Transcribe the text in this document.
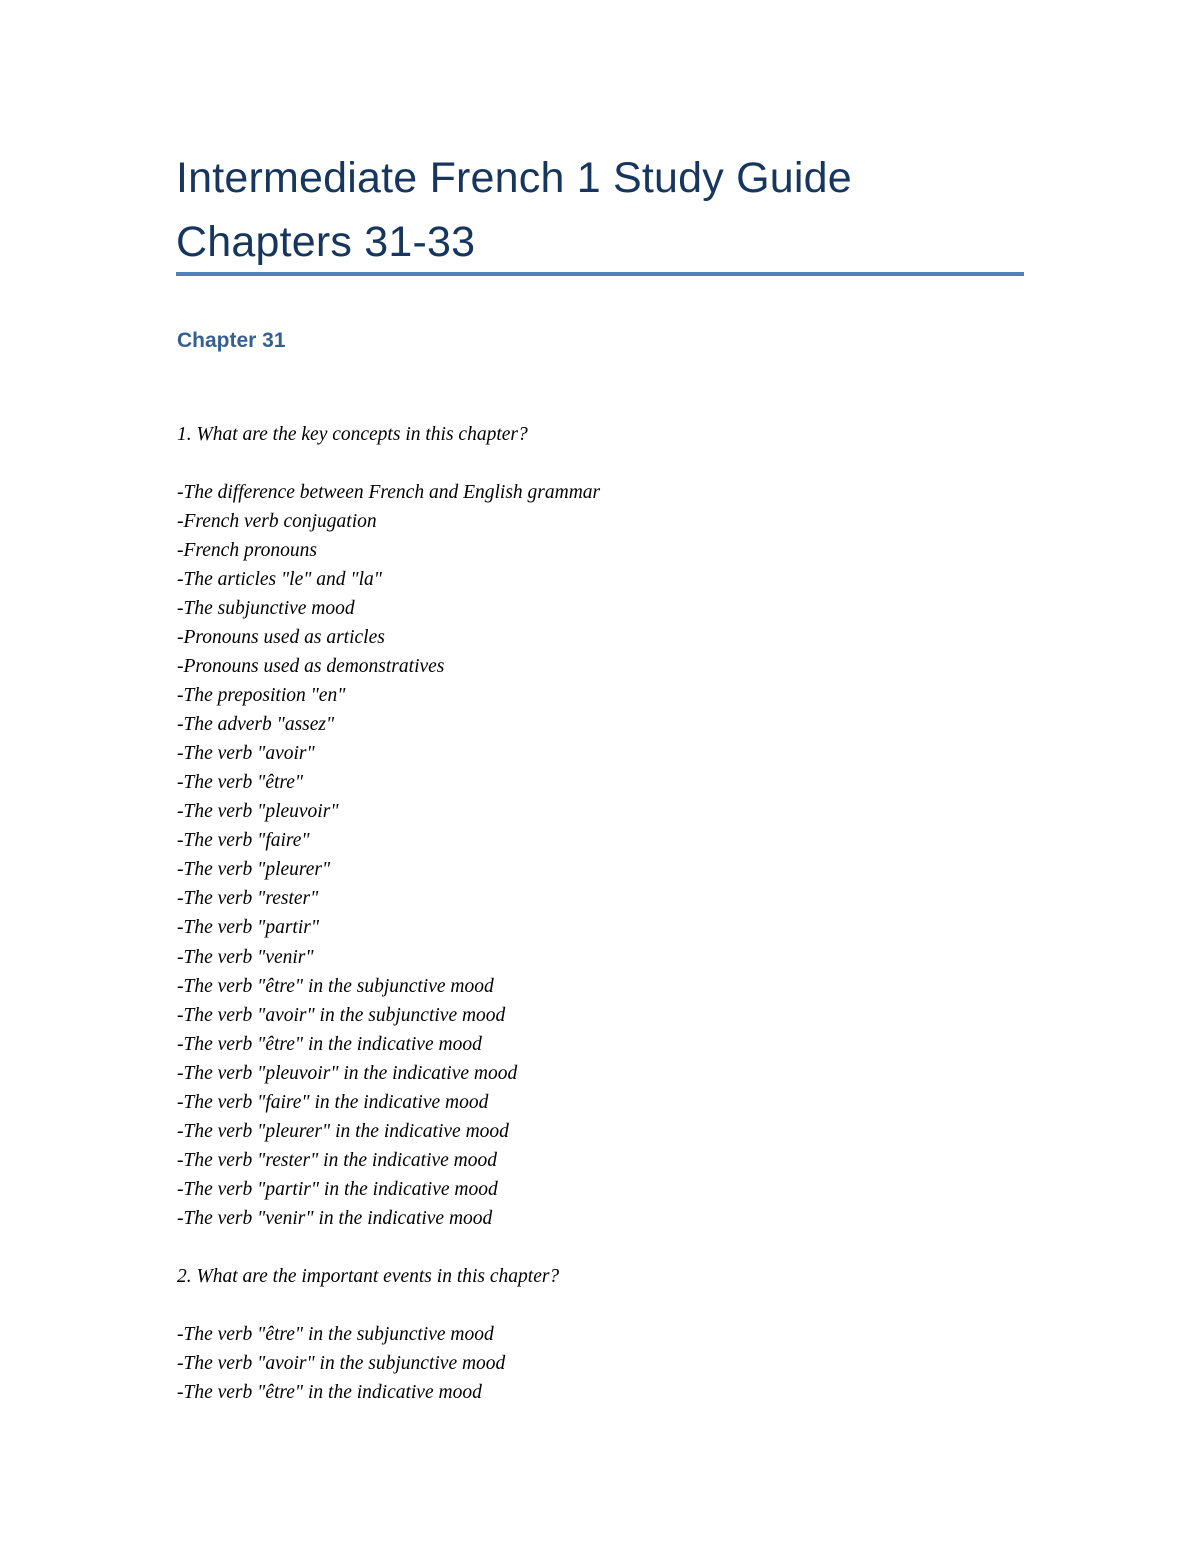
Intermediate French 1 Study Guide
Chapters 31-33
Chapter 31

1. What are the key concepts in this chapter?

-The difference between French and English grammar
-French verb conjugation
-French pronouns
-The articles "le" and "la"
-The subjunctive mood
-Pronouns used as articles
-Pronouns used as demonstratives
-The preposition "en"
-The adverb "assez"
-The verb "avoir"
-The verb "être"
-The verb "pleuvoir"
-The verb "faire"
-The verb "pleurer"
-The verb "rester"
-The verb "partir"
-The verb "venir"
-The verb "être" in the subjunctive mood
-The verb "avoir" in the subjunctive mood
-The verb "être" in the indicative mood
-The verb "pleuvoir" in the indicative mood
-The verb "faire" in the indicative mood
-The verb "pleurer" in the indicative mood
-The verb "rester" in the indicative mood
-The verb "partir" in the indicative mood
-The verb "venir" in the indicative mood

2. What are the important events in this chapter?

-The verb "être" in the subjunctive mood
-The verb "avoir" in the subjunctive mood
-The verb "être" in the indicative mood
